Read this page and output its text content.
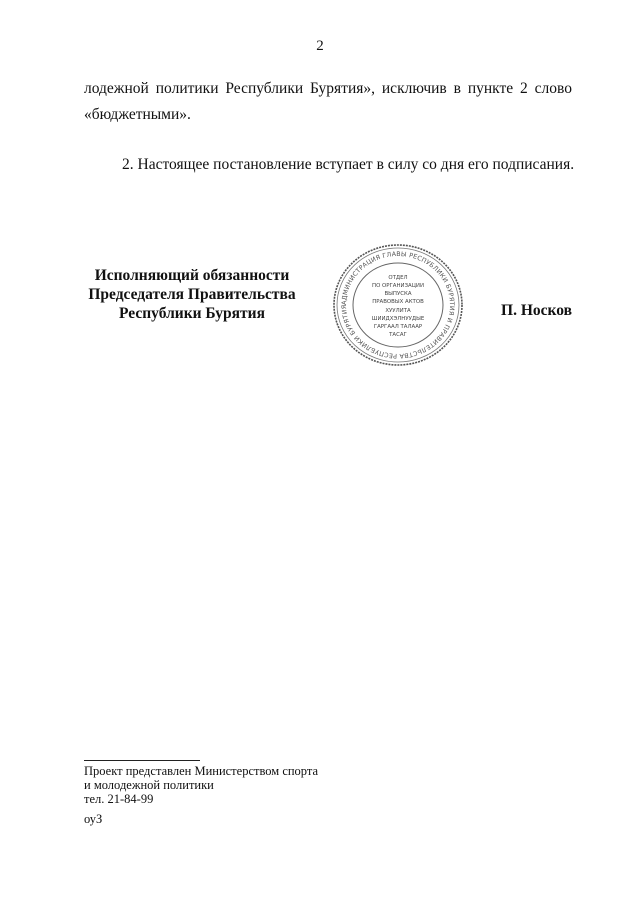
2
лодежной политики Республики Бурятия», исключив в пункте 2 слово
«бюджетными».
2. Настоящее постановление вступает в силу со дня его подписания.
Исполняющий обязанности
Председателя Правительства
Республики Бурятия
АДМИНИСТРАЦИЯ ГЛАВЫ РЕСПУБЛИКИ БУРЯТИЯ И ПРАВИТЕЛЬСТВА РЕСПУБЛИКИ БУРЯТИЯ
ОТДЕЛ
ПО ОРГАНИЗАЦИИ
ВЫПУСКА
ПРАВОВЫХ АКТОВ
ХУУЛИТА
ШИИДХЭЛНУУДЫЕ
ГАРГААЛ ТАЛААР
ТАСАГ
П. Носков
Проект представлен Министерством спорта
и молодежной политики
тел. 21-84-99
оуЗ
